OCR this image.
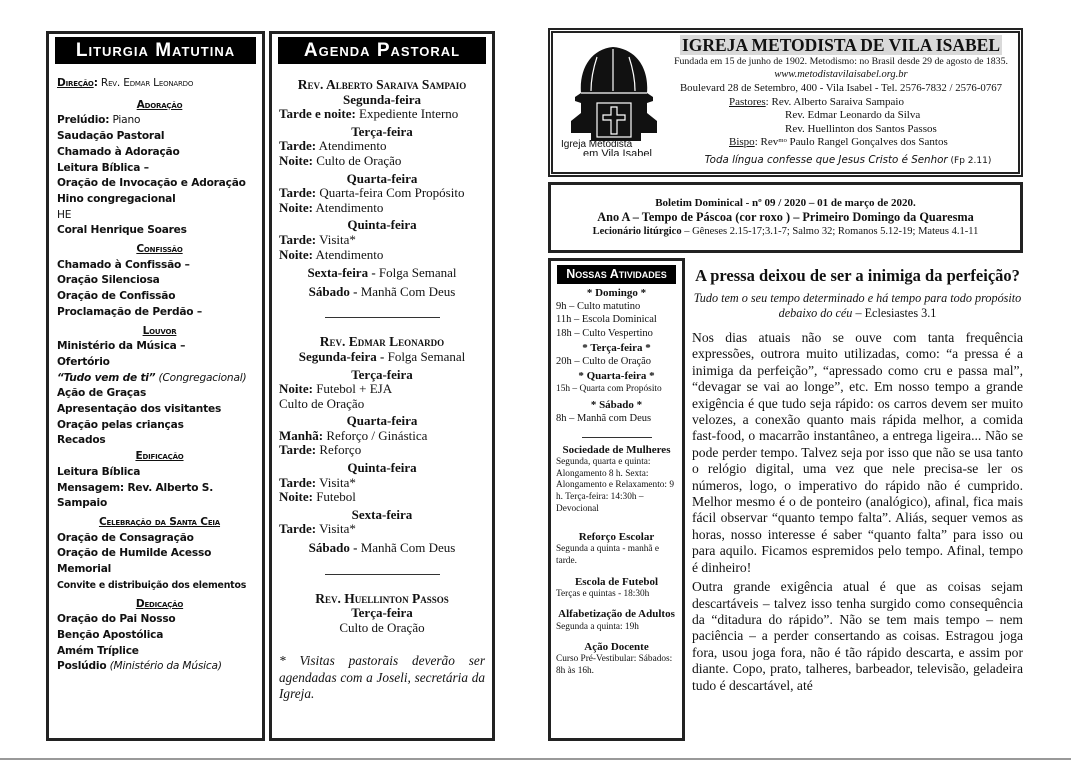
Liturgia Matutina
Direção: Rev. Edmar Leonardo
Adoração
Prelúdio: Piano
Saudação Pastoral
Chamado à Adoração
Leitura Bíblica –
Oração de Invocação e Adoração
Hino congregacional
HE
Coral Henrique Soares
Confissão
Chamado à Confissão –
Oração Silenciosa
Oração de Confissão
Proclamação de Perdão –
Louvor
Ministério da Música –
Ofertório
“Tudo vem de ti” (Congregacional)
Ação de Graças
Apresentação dos visitantes
Oração pelas crianças
Recados
Edificação
Leitura Bíblica
Mensagem: Rev. Alberto S. Sampaio
Celebração da Santa Ceia
Oração de Consagração
Oração de Humilde Acesso
Memorial
Convite e distribuição dos elementos
Dedicação
Oração do Pai Nosso
Benção Apostólica
Amém Tríplice
Poslúdio (Ministério da Música)
Agenda Pastoral
Rev. Alberto Saraiva Sampaio
Segunda-feira
Tarde e noite: Expediente Interno
Terça-feira
Tarde: Atendimento
Noite: Culto de Oração
Quarta-feira
Tarde: Quarta-feira Com Propósito
Noite: Atendimento
Quinta-feira
Tarde: Visita*
Noite: Atendimento
Sexta-feira - Folga Semanal
Sábado - Manhã Com Deus
Rev. Edmar Leonardo
Segunda-feira - Folga Semanal
Terça-feira
Noite: Futebol + EJA
Culto de Oração
Quarta-feira
Manhã: Reforço / Ginástica
Tarde: Reforço
Quinta-feira
Tarde: Visita*
Noite: Futebol
Sexta-feira
Tarde: Visita*
Sábado - Manhã Com Deus
Rev. Huellinton Passos
Terça-feira
Culto de Oração
* Visitas pastorais deverão ser agendadas com a Joseli, secretária da Igreja.
Igreja Metodista
em Vila Isabel
IGREJA METODISTA DE VILA ISABEL
Fundada em 15 de junho de 1902. Metodismo: no Brasil desde 29 de agosto de 1835.
www.metodistavilaisabel.org.br
Boulevard 28 de Setembro, 400 - Vila Isabel - Tel. 2576-7832 / 2576-0767
Pastores: Rev. Alberto Saraiva Sampaio
Rev. Edmar Leonardo da Silva
Rev. Huellinton dos Santos Passos
Bispo: Revᵐᵒ Paulo Rangel Gonçalves dos Santos
Toda língua confesse que Jesus Cristo é Senhor (Fp 2.11)
Boletim Dominical - nº 09 / 2020 – 01 de março de 2020.
Ano A – Tempo de Páscoa (cor roxo ) – Primeiro Domingo da Quaresma
Lecionário litúrgico – Gêneses 2.15-17;3.1-7; Salmo 32; Romanos 5.12-19; Mateus 4.1-11
Nossas Atividades
* Domingo *
9h – Culto matutino
11h – Escola Dominical
18h – Culto Vespertino
* Terça-feira *
20h – Culto de Oração
* Quarta-feira *
15h – Quarta com Propósito
* Sábado *
8h – Manhã com Deus
Sociedade de Mulheres
Segunda, quarta e quinta: Alongamento 8 h. Sexta: Alongamento e Relaxamento: 9 h. Terça-feira: 14:30h – Devocional
Reforço Escolar
Segunda a quinta - manhã e tarde.
Escola de Futebol
Terças e quintas - 18:30h
Alfabetização de Adultos
Segunda a quinta: 19h
Ação Docente
Curso Pré-Vestibular: Sábados: 8h às 16h.
A pressa deixou de ser a inimiga da perfeição?
Tudo tem o seu tempo determinado e há tempo para todo propósito debaixo do céu – Eclesiastes 3.1

Nos dias atuais não se ouve com tanta frequência expressões, outrora muito utilizadas, como: “a pressa é a inimiga da perfeição”, “apressado como cru e passa mal”, “devagar se vai ao longe”, etc. Em nosso tempo a grande exigência é que tudo seja rápido: os carros devem ser muito velozes, a conexão quanto mais rápida melhor, a comida fast-food, o macarrão instantâneo, a entrega ligeira... Não se pode perder tempo. Talvez seja por isso que não se usa tanto o relógio digital, uma vez que nele precisa-se ler os números, logo, o imperativo do rápido não é cumprido. Melhor mesmo é o de ponteiro (analógico), afinal, fica mais fácil observar “quanto tempo falta”. Aliás, sequer vemos as horas, nosso interesse é saber “quanto falta” para isso ou para aquilo. Ficamos espremidos pelo tempo. Afinal, tempo é dinheiro!

Outra grande exigência atual é que as coisas sejam descartáveis – talvez isso tenha surgido como consequência da “ditadura do rápido”. Não se tem mais tempo – nem paciência – a perder consertando as coisas. Estragou joga fora, usou joga fora, não é tão rápido descarta, e assim por diante. Copo, prato, talheres, barbeador, televisão, geladeira tudo é descartável, até
